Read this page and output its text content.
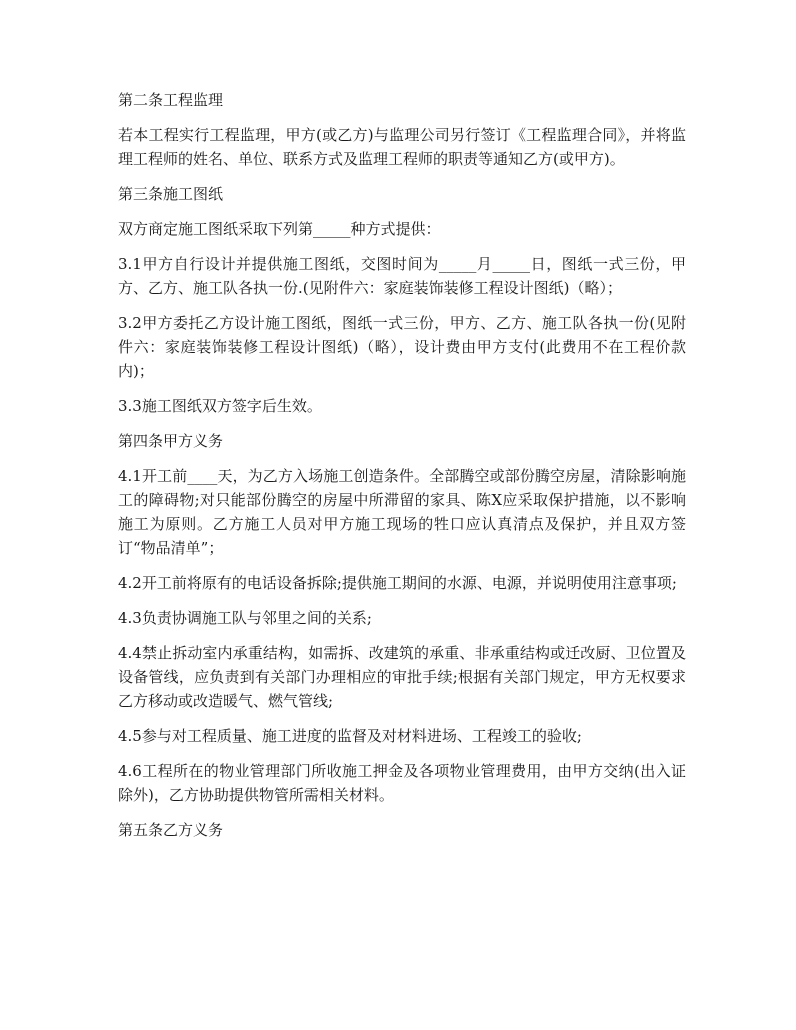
第二条工程监理

若本工程实行工程监理，甲方(或乙方)与监理公司另行签订《工程监理合同》，并将监理工程师的姓名、单位、联系方式及监理工程师的职责等通知乙方(或甲方)。

第三条施工图纸

双方商定施工图纸采取下列第_____种方式提供：

3.1甲方自行设计并提供施工图纸，交图时间为_____月_____日，图纸一式三份，甲方、乙方、施工队各执一份.(见附件六：家庭装饰装修工程设计图纸)（略）；

3.2甲方委托乙方设计施工图纸，图纸一式三份，甲方、乙方、施工队各执一份(见附件六：家庭装饰装修工程设计图纸)（略），设计费由甲方支付(此费用不在工程价款内)；

3.3施工图纸双方签字后生效。

第四条甲方义务

4.1开工前____天，为乙方入场施工创造条件。全部腾空或部份腾空房屋，清除影响施工的障碍物;对只能部份腾空的房屋中所滞留的家具、陈X应采取保护措施，以不影响施工为原则。乙方施工人员对甲方施工现场的牲口应认真清点及保护，并且双方签订“物品清单”；

4.2开工前将原有的电话设备拆除;提供施工期间的水源、电源，并说明使用注意事项;

4.3负责协调施工队与邻里之间的关系;

4.4禁止拆动室内承重结构，如需拆、改建筑的承重、非承重结构或迁改厨、卫位置及设备管线，应负责到有关部门办理相应的审批手续;根据有关部门规定，甲方无权要求乙方移动或改造暖气、燃气管线;

4.5参与对工程质量、施工进度的监督及对材料进场、工程竣工的验收;

4.6工程所在的物业管理部门所收施工押金及各项物业管理费用，由甲方交纳(出入证除外)，乙方协助提供物管所需相关材料。

第五条乙方义务
